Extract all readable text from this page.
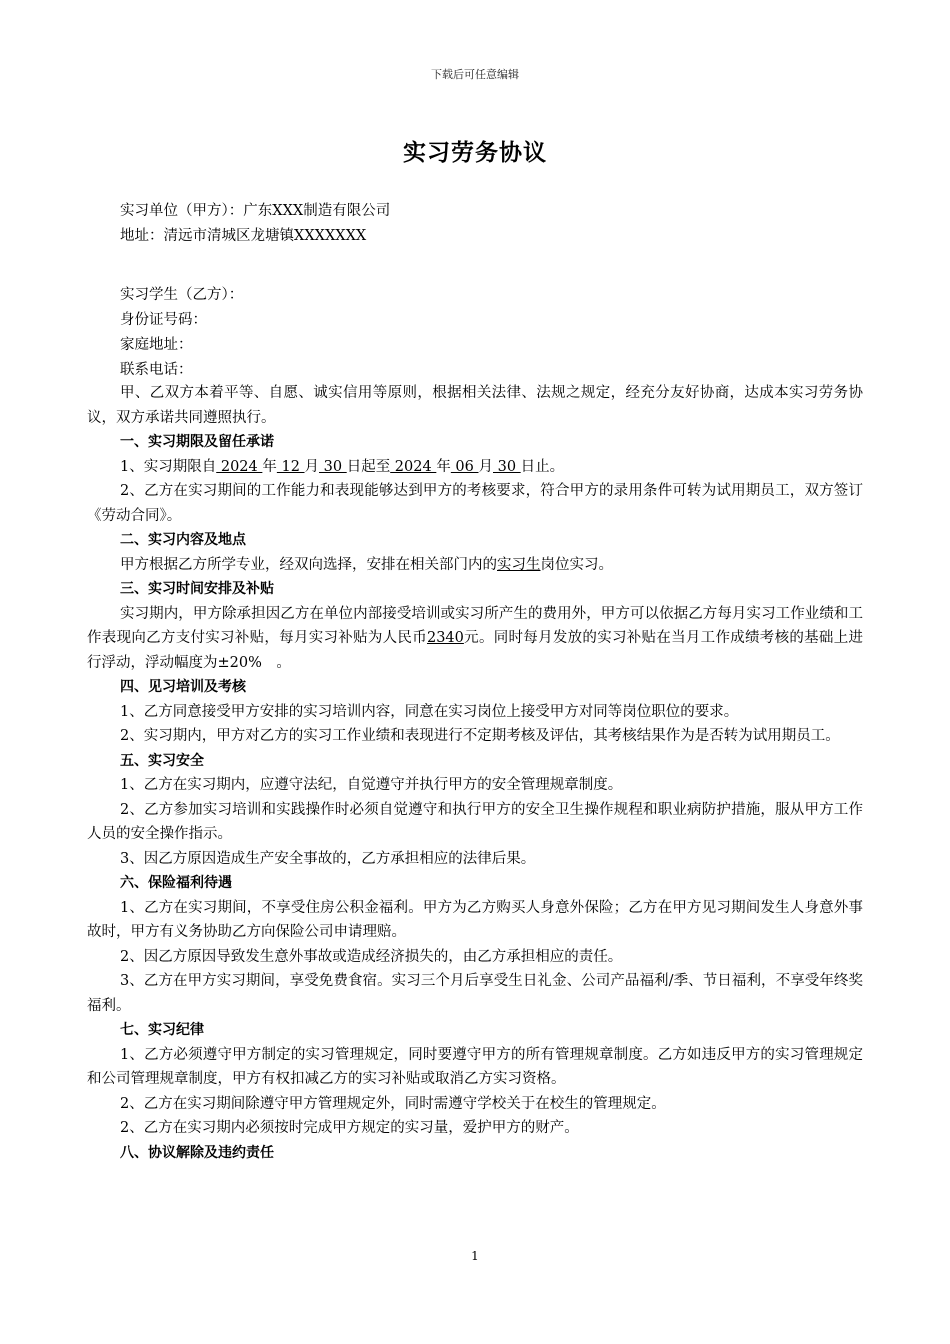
下载后可任意编辑
实习劳务协议
实习单位（甲方）：广东XXX制造有限公司
地址：清远市清城区龙塘镇XXXXXXX
实习学生（乙方）：
身份证号码：
家庭地址：
联系电话：

甲、乙双方本着平等、自愿、诚实信用等原则，根据相关法律、法规之规定，经充分友好协商，达成本实习劳务协议，双方承诺共同遵照执行。

一、实习期限及留任承诺

1、实习期限自 2024 年 12 月 30 日起至 2024 年 06 月 30 日止。

2、乙方在实习期间的工作能力和表现能够达到甲方的考核要求，符合甲方的录用条件可转为试用期员工，双方签订《劳动合同》。

二、实习内容及地点

甲方根据乙方所学专业，经双向选择，安排在相关部门内的实习生岗位实习。

三、实习时间安排及补贴

实习期内，甲方除承担因乙方在单位内部接受培训或实习所产生的费用外，甲方可以依据乙方每月实习工作业绩和工作表现向乙方支付实习补贴，每月实习补贴为人民币2340元。同时每月发放的实习补贴在当月工作成绩考核的基础上进行浮动，浮动幅度为±20%　。

四、见习培训及考核

1、乙方同意接受甲方安排的实习培训内容，同意在实习岗位上接受甲方对同等岗位职位的要求。

2、实习期内，甲方对乙方的实习工作业绩和表现进行不定期考核及评估，其考核结果作为是否转为试用期员工。

五、实习安全

1、乙方在实习期内，应遵守法纪，自觉遵守并执行甲方的安全管理规章制度。

2、乙方参加实习培训和实践操作时必须自觉遵守和执行甲方的安全卫生操作规程和职业病防护措施，服从甲方工作人员的安全操作指示。

3、因乙方原因造成生产安全事故的，乙方承担相应的法律后果。

六、保险福利待遇

1、乙方在实习期间，不享受住房公积金福利。甲方为乙方购买人身意外保险；乙方在甲方见习期间发生人身意外事故时，甲方有义务协助乙方向保险公司申请理赔。

2、因乙方原因导致发生意外事故或造成经济损失的，由乙方承担相应的责任。

3、乙方在甲方实习期间，享受免费食宿。实习三个月后享受生日礼金、公司产品福利/季、节日福利，不享受年终奖福利。

七、实习纪律

1、乙方必须遵守甲方制定的实习管理规定，同时要遵守甲方的所有管理规章制度。乙方如违反甲方的实习管理规定和公司管理规章制度，甲方有权扣减乙方的实习补贴或取消乙方实习资格。

2、乙方在实习期间除遵守甲方管理规定外，同时需遵守学校关于在校生的管理规定。

2、乙方在实习期内必须按时完成甲方规定的实习量，爱护甲方的财产。

八、协议解除及违约责任

1
